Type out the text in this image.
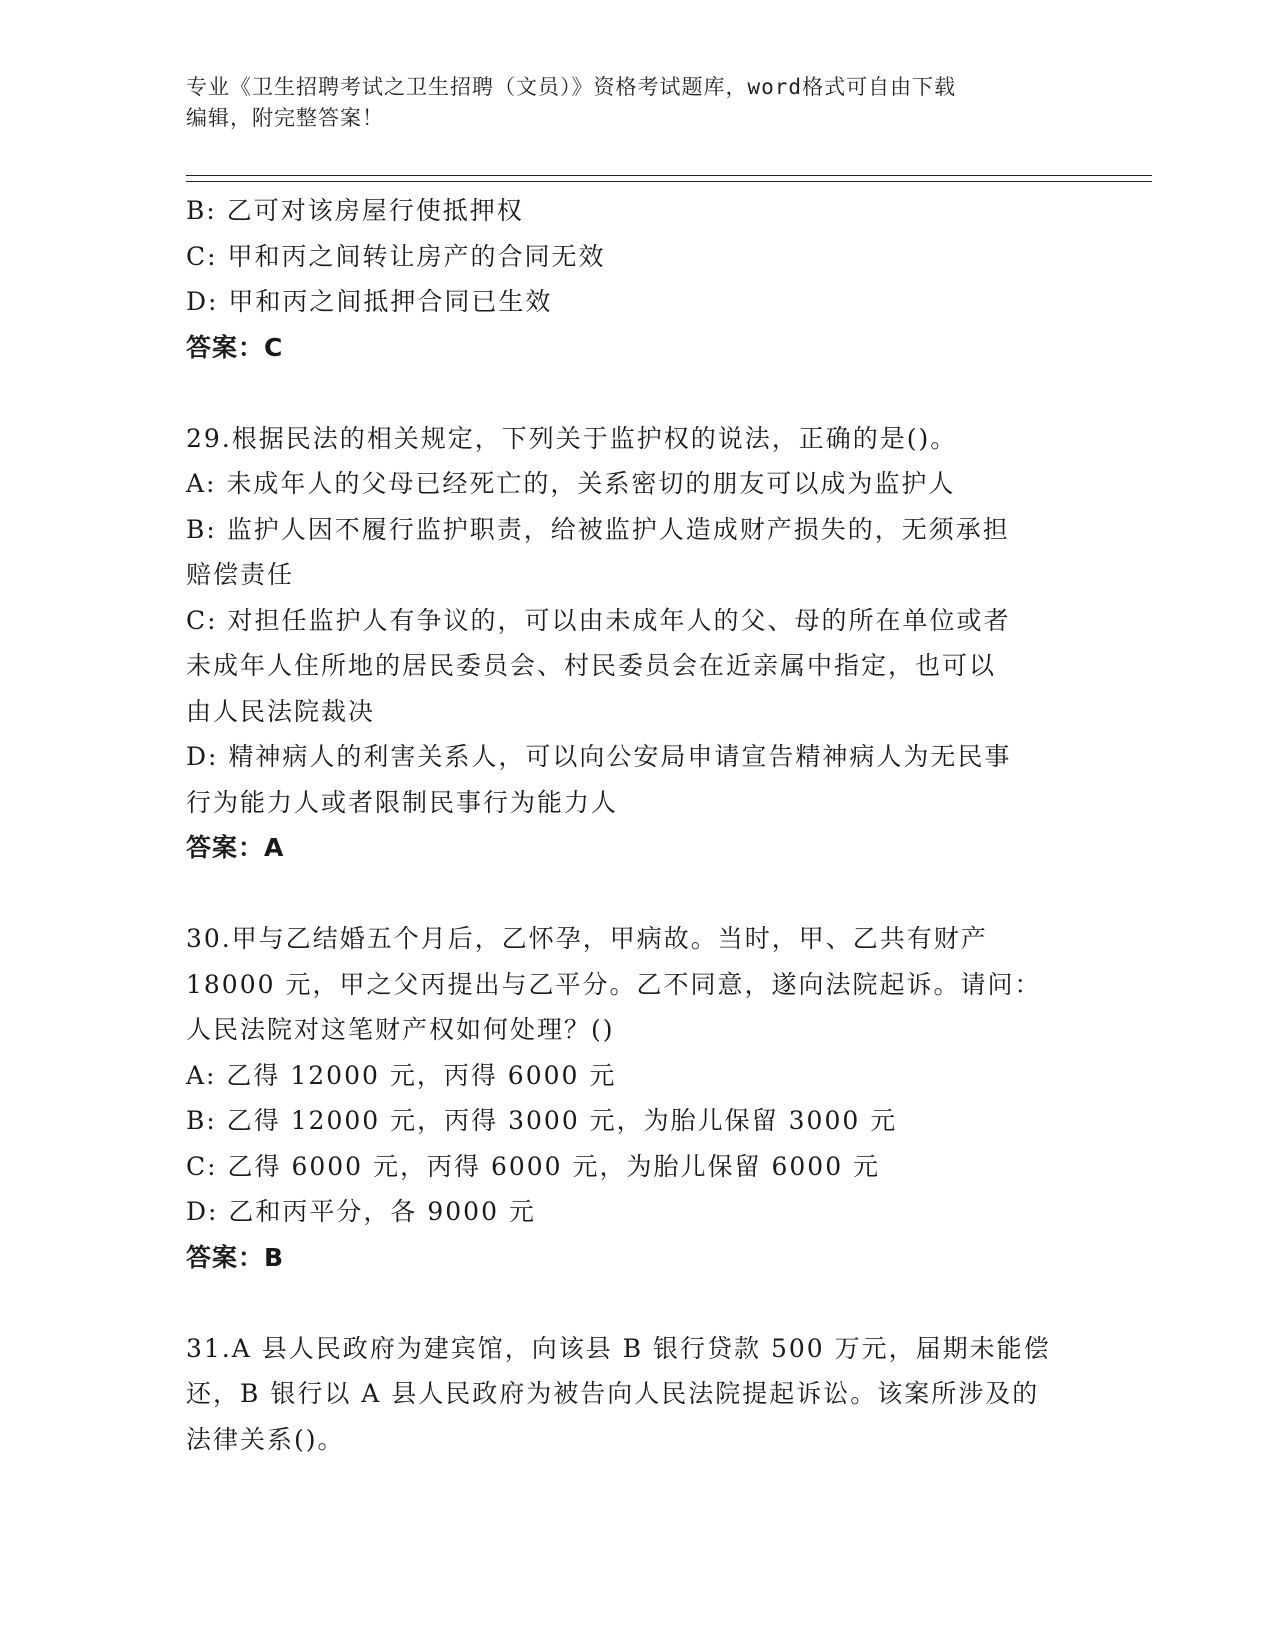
专业《卫生招聘考试之卫生招聘（文员）》资格考试题库，word格式可自由下载
编辑，附完整答案！
B: 乙可对该房屋行使抵押权
C: 甲和丙之间转让房产的合同无效
D: 甲和丙之间抵押合同已生效
答案：C
29.根据民法的相关规定，下列关于监护权的说法，正确的是()。
A: 未成年人的父母已经死亡的，关系密切的朋友可以成为监护人
B: 监护人因不履行监护职责，给被监护人造成财产损失的，无须承担
赔偿责任
C: 对担任监护人有争议的，可以由未成年人的父、母的所在单位或者
未成年人住所地的居民委员会、村民委员会在近亲属中指定，也可以
由人民法院裁决
D: 精神病人的利害关系人，可以向公安局申请宣告精神病人为无民事
行为能力人或者限制民事行为能力人
答案：A
30.甲与乙结婚五个月后，乙怀孕，甲病故。当时，甲、乙共有财产
18000 元，甲之父丙提出与乙平分。乙不同意，遂向法院起诉。请问：
人民法院对这笔财产权如何处理？()
A: 乙得 12000 元，丙得 6000 元
B: 乙得 12000 元，丙得 3000 元，为胎儿保留 3000 元
C: 乙得 6000 元，丙得 6000 元，为胎儿保留 6000 元
D: 乙和丙平分，各 9000 元
答案：B
31.A 县人民政府为建宾馆，向该县 B 银行贷款 500 万元，届期未能偿
还，B 银行以 A 县人民政府为被告向人民法院提起诉讼。该案所涉及的
法律关系()。
